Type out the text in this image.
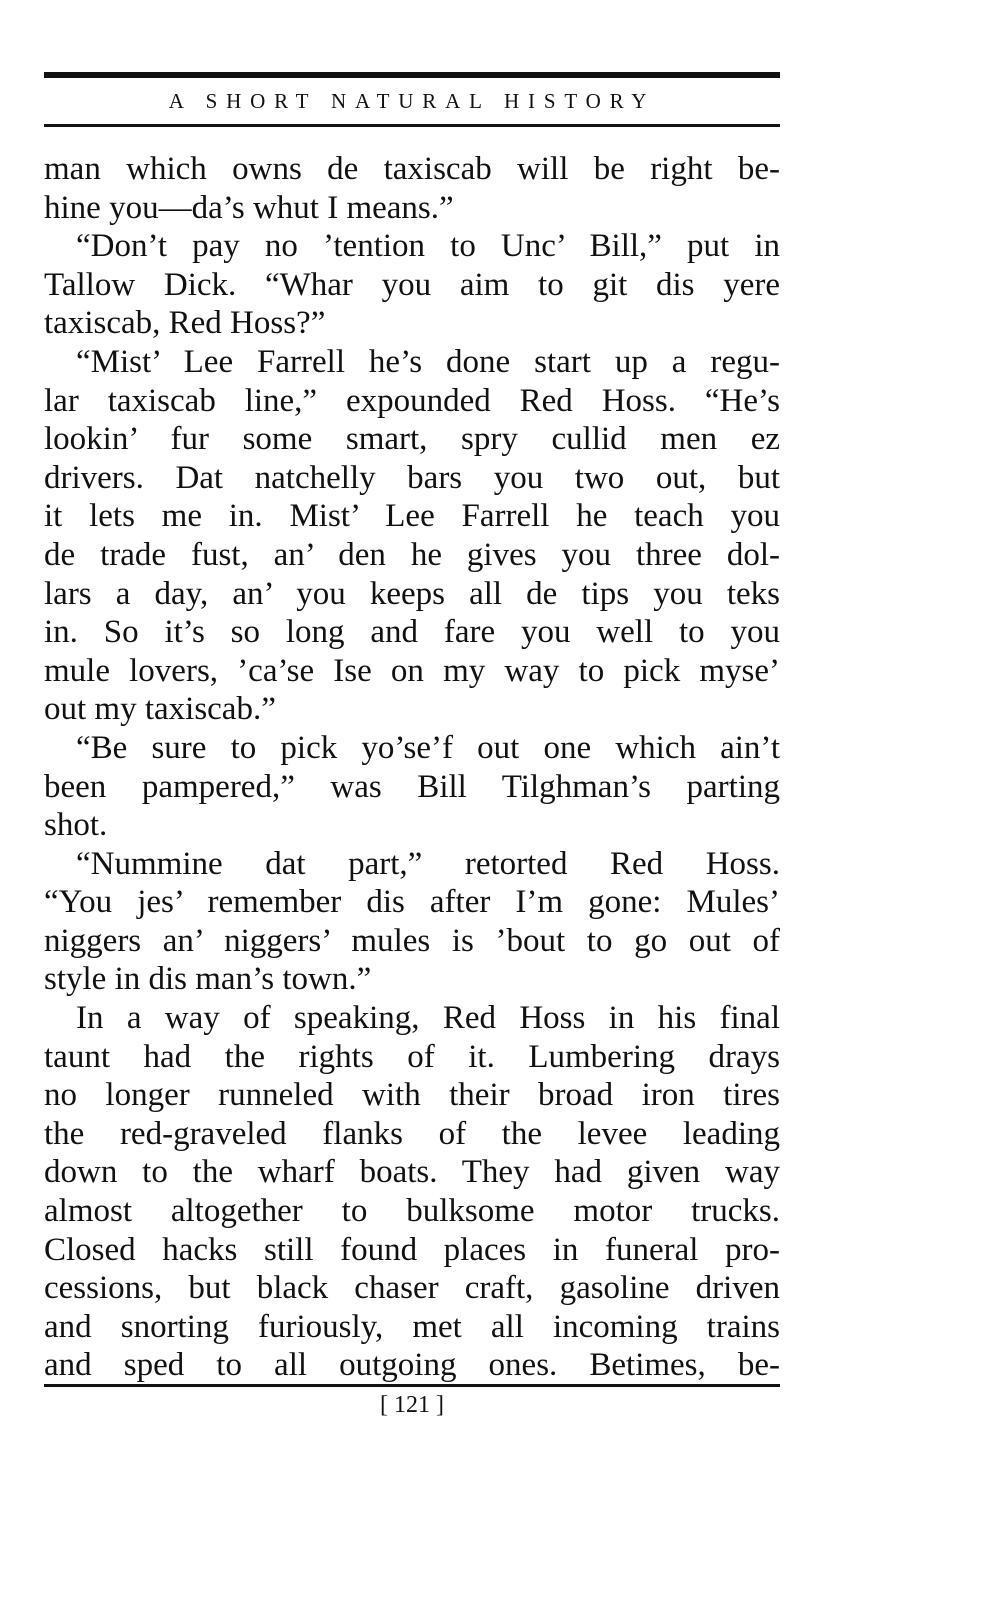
A SHORT NATURAL HISTORY
man which owns de taxiscab will be right be-
hine you—da’s whut I means.”
“Don’t pay no ’tention to Unc’ Bill,” put in
Tallow Dick. “Whar you aim to git dis yere
taxiscab, Red Hoss?”
“Mist’ Lee Farrell he’s done start up a regu-
lar taxiscab line,” expounded Red Hoss. “He’s
lookin’ fur some smart, spry cullid men ez
drivers. Dat natchelly bars you two out, but
it lets me in. Mist’ Lee Farrell he teach you
de trade fust, an’ den he gives you three dol-
lars a day, an’ you keeps all de tips you teks
in. So it’s so long and fare you well to you
mule lovers, ’ca’se Ise on my way to pick myse’
out my taxiscab.”
“Be sure to pick yo’se’f out one which ain’t
been pampered,” was Bill Tilghman’s parting
shot.
“Nummine dat part,” retorted Red Hoss.
“You jes’ remember dis after I’m gone: Mules’
niggers an’ niggers’ mules is ’bout to go out of
style in dis man’s town.”
In a way of speaking, Red Hoss in his final
taunt had the rights of it. Lumbering drays
no longer runneled with their broad iron tires
the red-graveled flanks of the levee leading
down to the wharf boats. They had given way
almost altogether to bulksome motor trucks.
Closed hacks still found places in funeral pro-
cessions, but black chaser craft, gasoline driven
and snorting furiously, met all incoming trains
and sped to all outgoing ones. Betimes, be-
[ 121 ]
